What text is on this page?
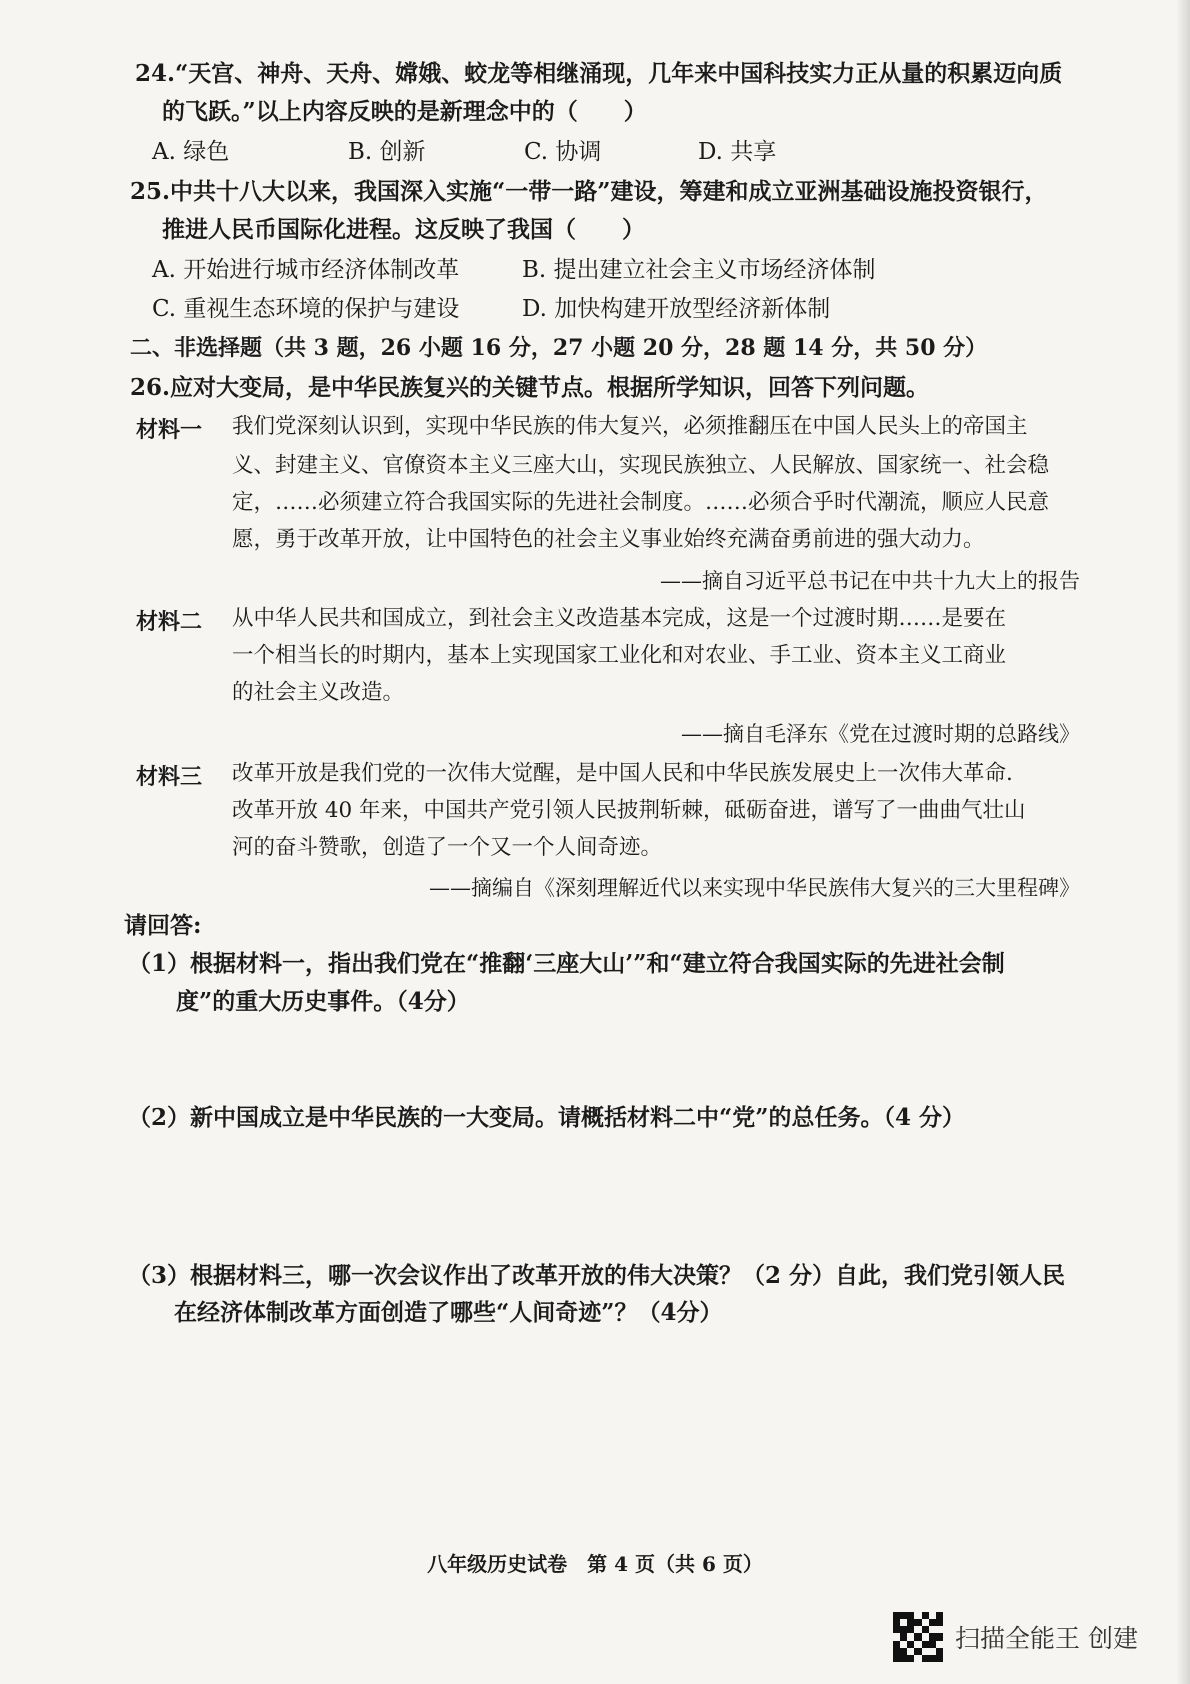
24.“天宫、神舟、天舟、嫦娥、蛟龙等相继涌现，几年来中国科技实力正从量的积累迈向质
的飞跃。”以上内容反映的是新理念中的（　　）
A. 绿色	B. 创新	C. 协调	D. 共享
25.中共十八大以来，我国深入实施“一带一路”建设，筹建和成立亚洲基础设施投资银行，
推进人民币国际化进程。这反映了我国（　　）
A. 开始进行城市经济体制改革	B. 提出建立社会主义市场经济体制
C. 重视生态环境的保护与建设	D. 加快构建开放型经济新体制
二、非选择题（共 3 题，26 小题 16 分，27 小题 20 分，28 题 14 分，共 50 分）
26.应对大变局，是中华民族复兴的关键节点。根据所学知识，回答下列问题。
材料一 我们党深刻认识到，实现中华民族的伟大复兴，必须推翻压在中国人民头上的帝国主
义、封建主义、官僚资本主义三座大山，实现民族独立、人民解放、国家统一、社会稳
定，……必须建立符合我国实际的先进社会制度。……必须合乎时代潮流，顺应人民意
愿，勇于改革开放，让中国特色的社会主义事业始终充满奋勇前进的强大动力。
——摘自习近平总书记在中共十九大上的报告
材料二 从中华人民共和国成立，到社会主义改造基本完成，这是一个过渡时期……是要在
一个相当长的时期内，基本上实现国家工业化和对农业、手工业、资本主义工商业
的社会主义改造。
——摘自毛泽东《党在过渡时期的总路线》
材料三 改革开放是我们党的一次伟大觉醒，是中国人民和中华民族发展史上一次伟大革命.
改革开放 40 年来，中国共产党引领人民披荆斩棘，砥砺奋进，谱写了一曲曲气壮山
河的奋斗赞歌，创造了一个又一个人间奇迹。
——摘编自《深刻理解近代以来实现中华民族伟大复兴的三大里程碑》
请回答:
（1）根据材料一，指出我们党在“推翻‘三座大山’”和“建立符合我国实际的先进社会制
度”的重大历史事件。（4分）
（2）新中国成立是中华民族的一大变局。请概括材料二中“党”的总任务。（4 分）
（3）根据材料三，哪一次会议作出了改革开放的伟大决策？（2 分）自此，我们党引领人民
在经济体制改革方面创造了哪些“人间奇迹”？（4分）
八年级历史试卷　第 4 页（共 6 页）
扫描全能王 创建
